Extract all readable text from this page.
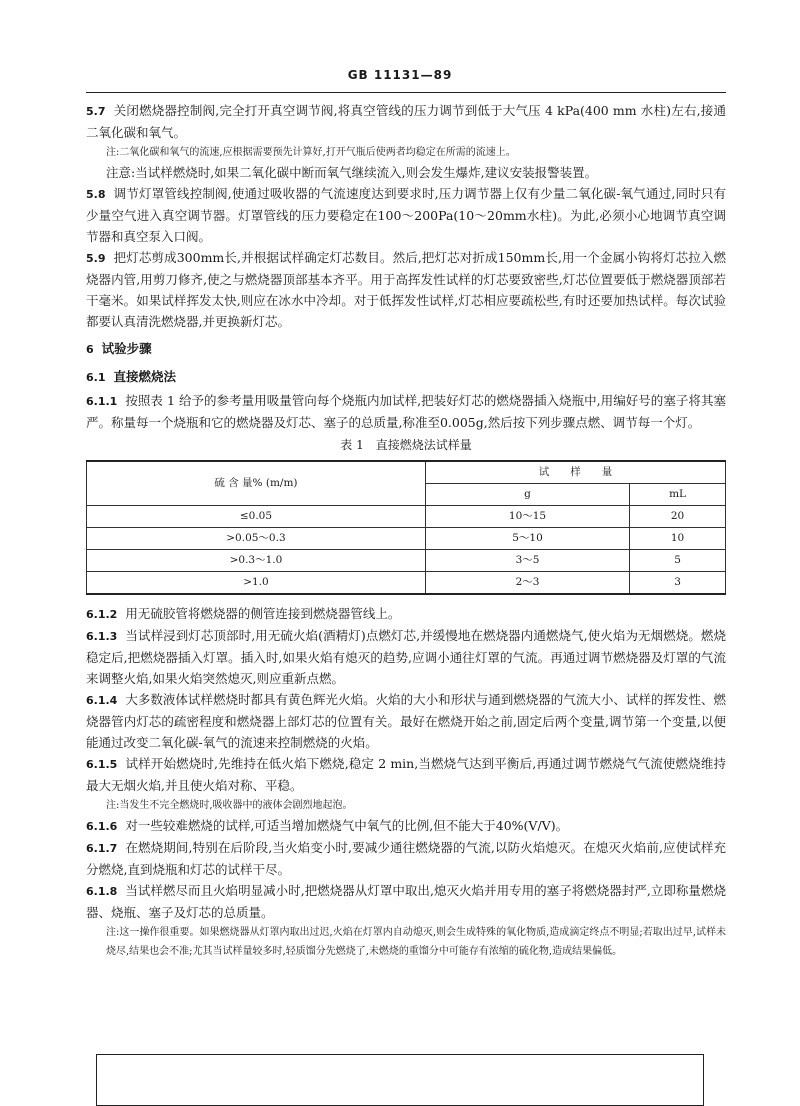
GB 11131—89

5.7 关闭燃烧器控制阀,完全打开真空调节阀,将真空管线的压力调节到低于大气压 4 kPa(400 mm 水柱)左右,接通二氧化碳和氧气。

注:二氧化碳和氧气的流速,应根据需要预先计算好,打开气瓶后使两者均稳定在所需的流速上。

注意:当试样燃烧时,如果二氧化碳中断而氧气继续流入,则会发生爆炸,建议安装报警装置。

5.8 调节灯罩管线控制阀,使通过吸收器的气流速度达到要求时,压力调节器上仅有少量二氧化碳-氧气通过,同时只有少量空气进入真空调节器。灯罩管线的压力要稳定在100～200Pa(10～20mm水柱)。为此,必须小心地调节真空调节器和真空泵入口阀。

5.9 把灯芯剪成300mm长,并根据试样确定灯芯数目。然后,把灯芯对折成150mm长,用一个金属小钩将灯芯拉入燃烧器内管,用剪刀修齐,使之与燃烧器顶部基本齐平。用于高挥发性试样的灯芯要致密些,灯芯位置要低于燃烧器顶部若干毫米。如果试样挥发太快,则应在冰水中冷却。对于低挥发性试样,灯芯相应要疏松些,有时还要加热试样。每次试验都要认真清洗燃烧器,并更换新灯芯。

6 试验步骤

6.1 直接燃烧法

6.1.1 按照表 1 给予的参考量用吸量管向每个烧瓶内加试样,把装好灯芯的燃烧器插入烧瓶中,用编好号的塞子将其塞严。称量每一个烧瓶和它的燃烧器及灯芯、塞子的总质量,称准至0.005g,然后按下列步骤点燃、调节每一个灯。

表 1　直接燃烧法试样量
硫 含 量% (m/m)	试　　样　　量	
	g	mL
≤0.05	10～15	20
>0.05～0.3	5～10	10
>0.3～1.0	3～5	5
>1.0	2～3	3

6.1.2 用无硫胶管将燃烧器的侧管连接到燃烧器管线上。

6.1.3 当试样浸到灯芯顶部时,用无硫火焰(酒精灯)点燃灯芯,并缓慢地在燃烧器内通燃烧气,使火焰为无烟燃烧。燃烧稳定后,把燃烧器插入灯罩。插入时,如果火焰有熄灭的趋势,应调小通往灯罩的气流。再通过调节燃烧器及灯罩的气流来调整火焰,如果火焰突然熄灭,则应重新点燃。

6.1.4 大多数液体试样燃烧时都具有黄色辉光火焰。火焰的大小和形状与通到燃烧器的气流大小、试样的挥发性、燃烧器管内灯芯的疏密程度和燃烧器上部灯芯的位置有关。最好在燃烧开始之前,固定后两个变量,调节第一个变量,以便能通过改变二氧化碳-氧气的流速来控制燃烧的火焰。

6.1.5 试样开始燃烧时,先维持在低火焰下燃烧,稳定 2 min,当燃烧气达到平衡后,再通过调节燃烧气气流使燃烧维持最大无烟火焰,并且使火焰对称、平稳。

注:当发生不完全燃烧时,吸收器中的液体会剧烈地起泡。

6.1.6 对一些较难燃烧的试样,可适当增加燃烧气中氧气的比例,但不能大于40%(V/V)。

6.1.7 在燃烧期间,特别在后阶段,当火焰变小时,要减少通往燃烧器的气流,以防火焰熄灭。在熄灭火焰前,应使试样充分燃烧,直到烧瓶和灯芯的试样干尽。

6.1.8 当试样燃尽而且火焰明显减小时,把燃烧器从灯罩中取出,熄灭火焰并用专用的塞子将燃烧器封严,立即称量燃烧器、烧瓶、塞子及灯芯的总质量。

注:这一操作很重要。如果燃烧器从灯罩内取出过迟,火焰在灯罩内自动熄灭,则会生成特殊的氧化物质,造成滴定终点不明显;若取出过早,试样未烧尽,结果也会不准;尤其当试样量较多时,轻质馏分先燃烧了,未燃烧的重馏分中可能存有浓缩的硫化物,造成结果偏低。
